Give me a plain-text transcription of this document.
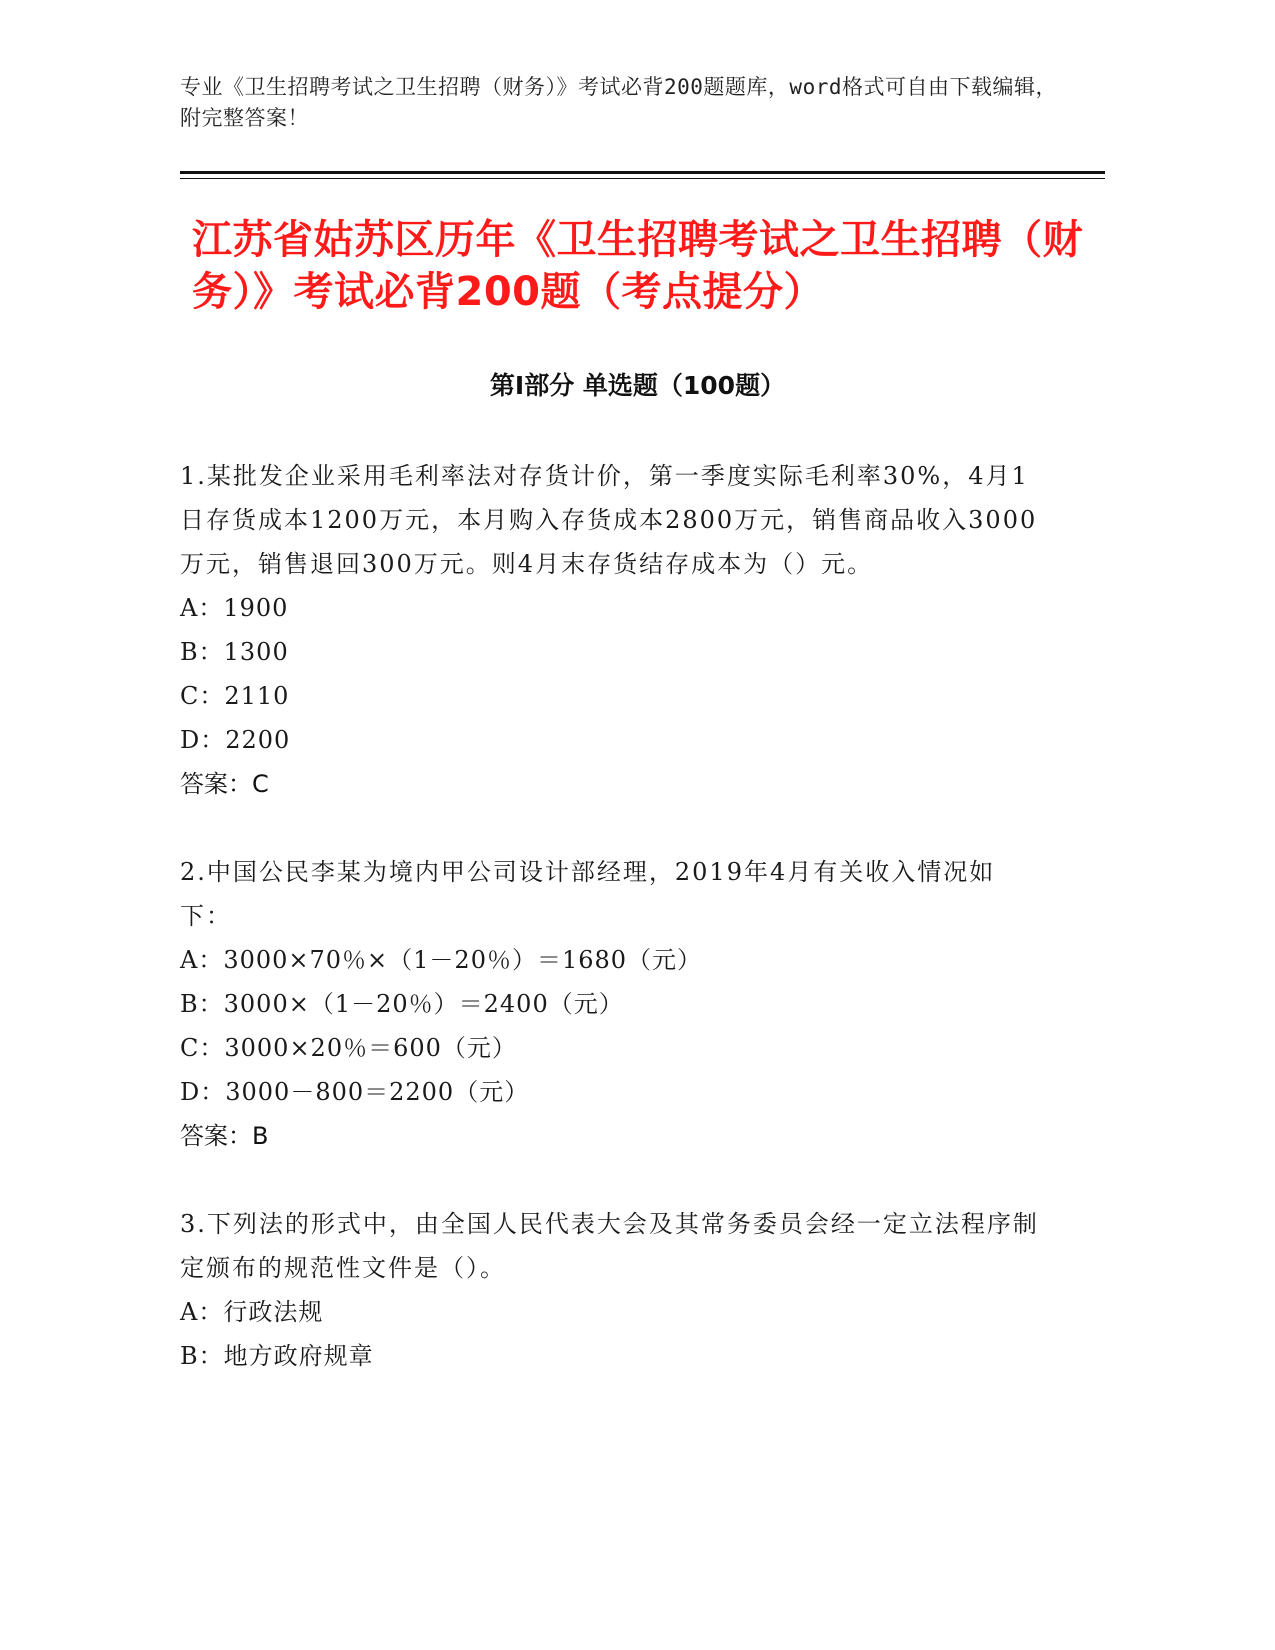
专业《卫生招聘考试之卫生招聘（财务）》考试必背200题题库，word格式可自由下载编辑，附完整答案！
江苏省姑苏区历年《卫生招聘考试之卫生招聘（财务）》考试必背200题（考点提分）
第Ⅰ部分 单选题（100题）
1.某批发企业采用毛利率法对存货计价，第一季度实际毛利率30%，4月1日存货成本1200万元，本月购入存货成本2800万元，销售商品收入3000万元，销售退回300万元。则4月末存货结存成本为（）元。
A：1900
B：1300
C：2110
D：2200
答案：C
2.中国公民李某为境内甲公司设计部经理，2019年4月有关收入情况如下：
A：3000×70％×（1－20％）＝1680（元）
B：3000×（1－20％）＝2400（元）
C：3000×20％＝600（元）
D：3000－800＝2200（元）
答案：B
3.下列法的形式中，由全国人民代表大会及其常务委员会经一定立法程序制定颁布的规范性文件是（）。
A：行政法规
B：地方政府规章
